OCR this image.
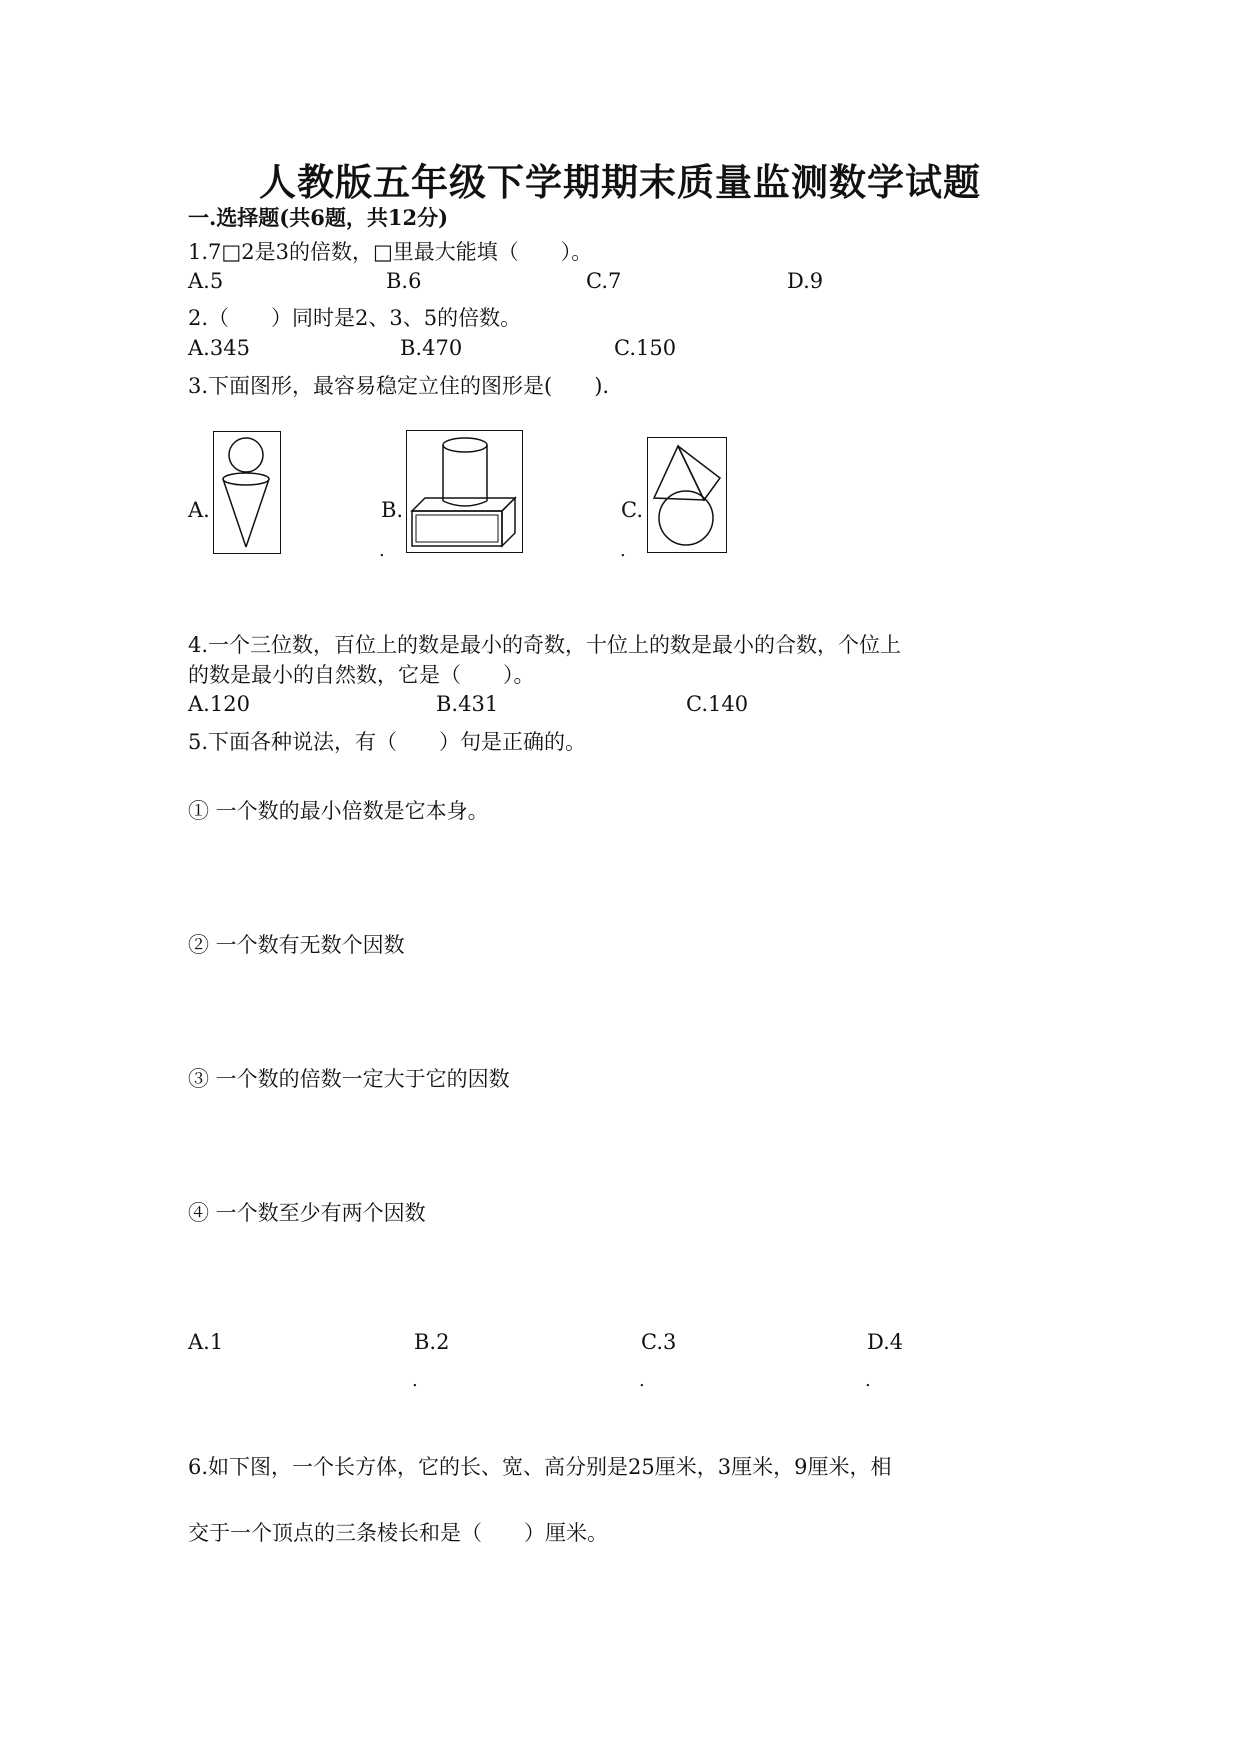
人教版五年级下学期期末质量监测数学试题
一.选择题(共6题，共12分)
1.7□2是3的倍数，□里最大能填（　　）。
A.5	B.6	C.7	D.9
2.（　　）同时是2、3、5的倍数。
A.345	B.470	C.150
3.下面图形，最容易稳定立住的图形是(　　).
A.	B.
.
C.
.
4.一个三位数，百位上的数是最小的奇数，十位上的数是最小的合数，个位上
的数是最小的自然数，它是（　　）。
A.120	B.431	C.140
5.下面各种说法，有（　　）句是正确的。
① 一个数的最小倍数是它本身。
② 一个数有无数个因数
③ 一个数的倍数一定大于它的因数
④ 一个数至少有两个因数
A.1	B.2	C.3	D.4
.	.	.
6.如下图，一个长方体，它的长、宽、高分别是25厘米，3厘米，9厘米，相
交于一个顶点的三条棱长和是（　　）厘米。
